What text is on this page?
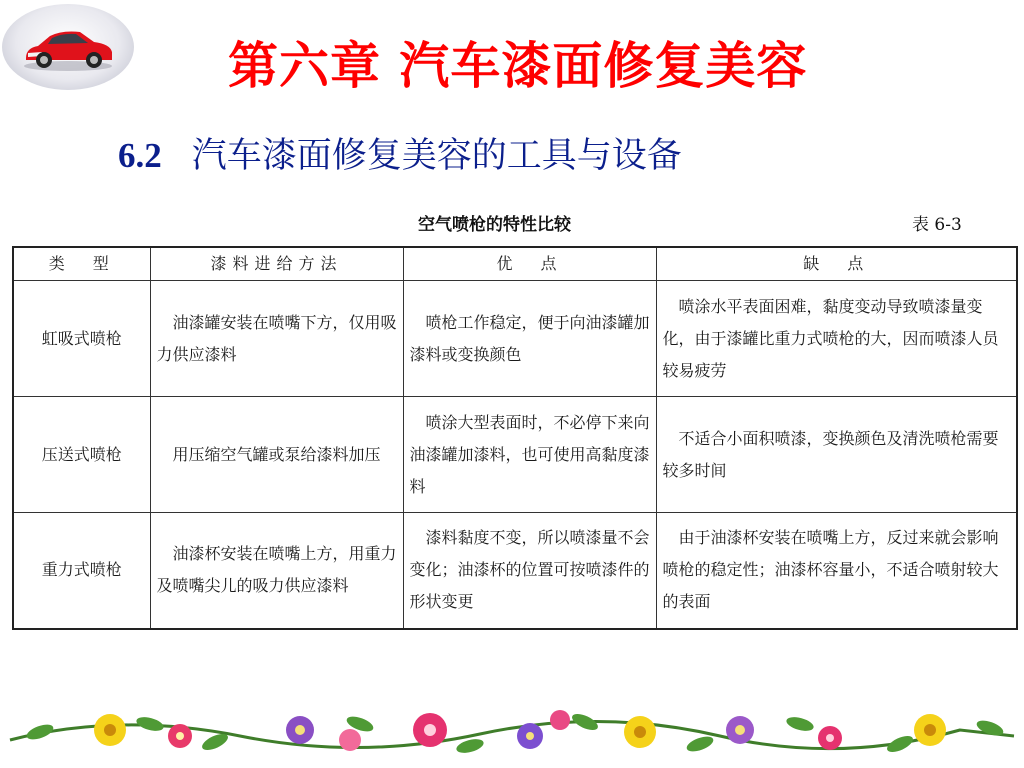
第六章 汽车漆面修复美容
6.2 汽车漆面修复美容的工具与设备
空气喷枪的特性比较	表 6-3
类　型	漆料进给方法	优　点	缺　点
虹吸式喷枪	　油漆罐安装在喷嘴下方，仅用吸力供应漆料	　喷枪工作稳定，便于向油漆罐加漆料或变换颜色	　喷涂水平表面困难，黏度变动导致喷漆量变化，由于漆罐比重力式喷枪的大，因而喷漆人员较易疲劳
压送式喷枪	　用压缩空气罐或泵给漆料加压	　喷涂大型表面时，不必停下来向油漆罐加漆料，也可使用高黏度漆料	　不适合小面积喷漆，变换颜色及清洗喷枪需要较多时间
重力式喷枪	　油漆杯安装在喷嘴上方，用重力及喷嘴尖儿的吸力供应漆料	　漆料黏度不变，所以喷漆量不会变化；油漆杯的位置可按喷漆件的形状变更	　由于油漆杯安装在喷嘴上方，反过来就会影响喷枪的稳定性；油漆杯容量小，不适合喷射较大的表面
